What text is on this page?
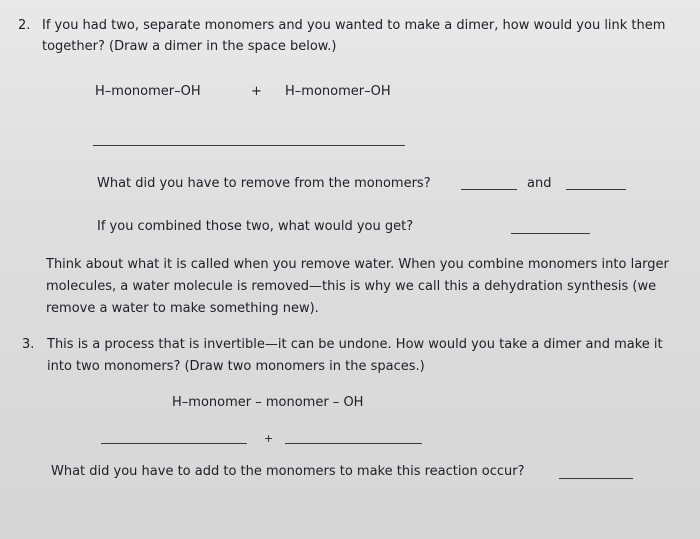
2. If you had two, separate monomers and you wanted to make a dimer, how would you link them
together? (Draw a dimer in the space below.)
H–monomer–OH	+ H–monomer–OH
What did you have to remove from the monomers?	and
If you combined those two, what would you get?
Think about what it is called when you remove water. When you combine monomers into larger
molecules, a water molecule is removed—this is why we call this a dehydration synthesis (we
remove a water to make something new).
3. This is a process that is invertible—it can be undone. How would you take a dimer and make it
into two monomers? (Draw two monomers in the spaces.)
H–monomer – monomer – OH
+
What did you have to add to the monomers to make this reaction occur?
